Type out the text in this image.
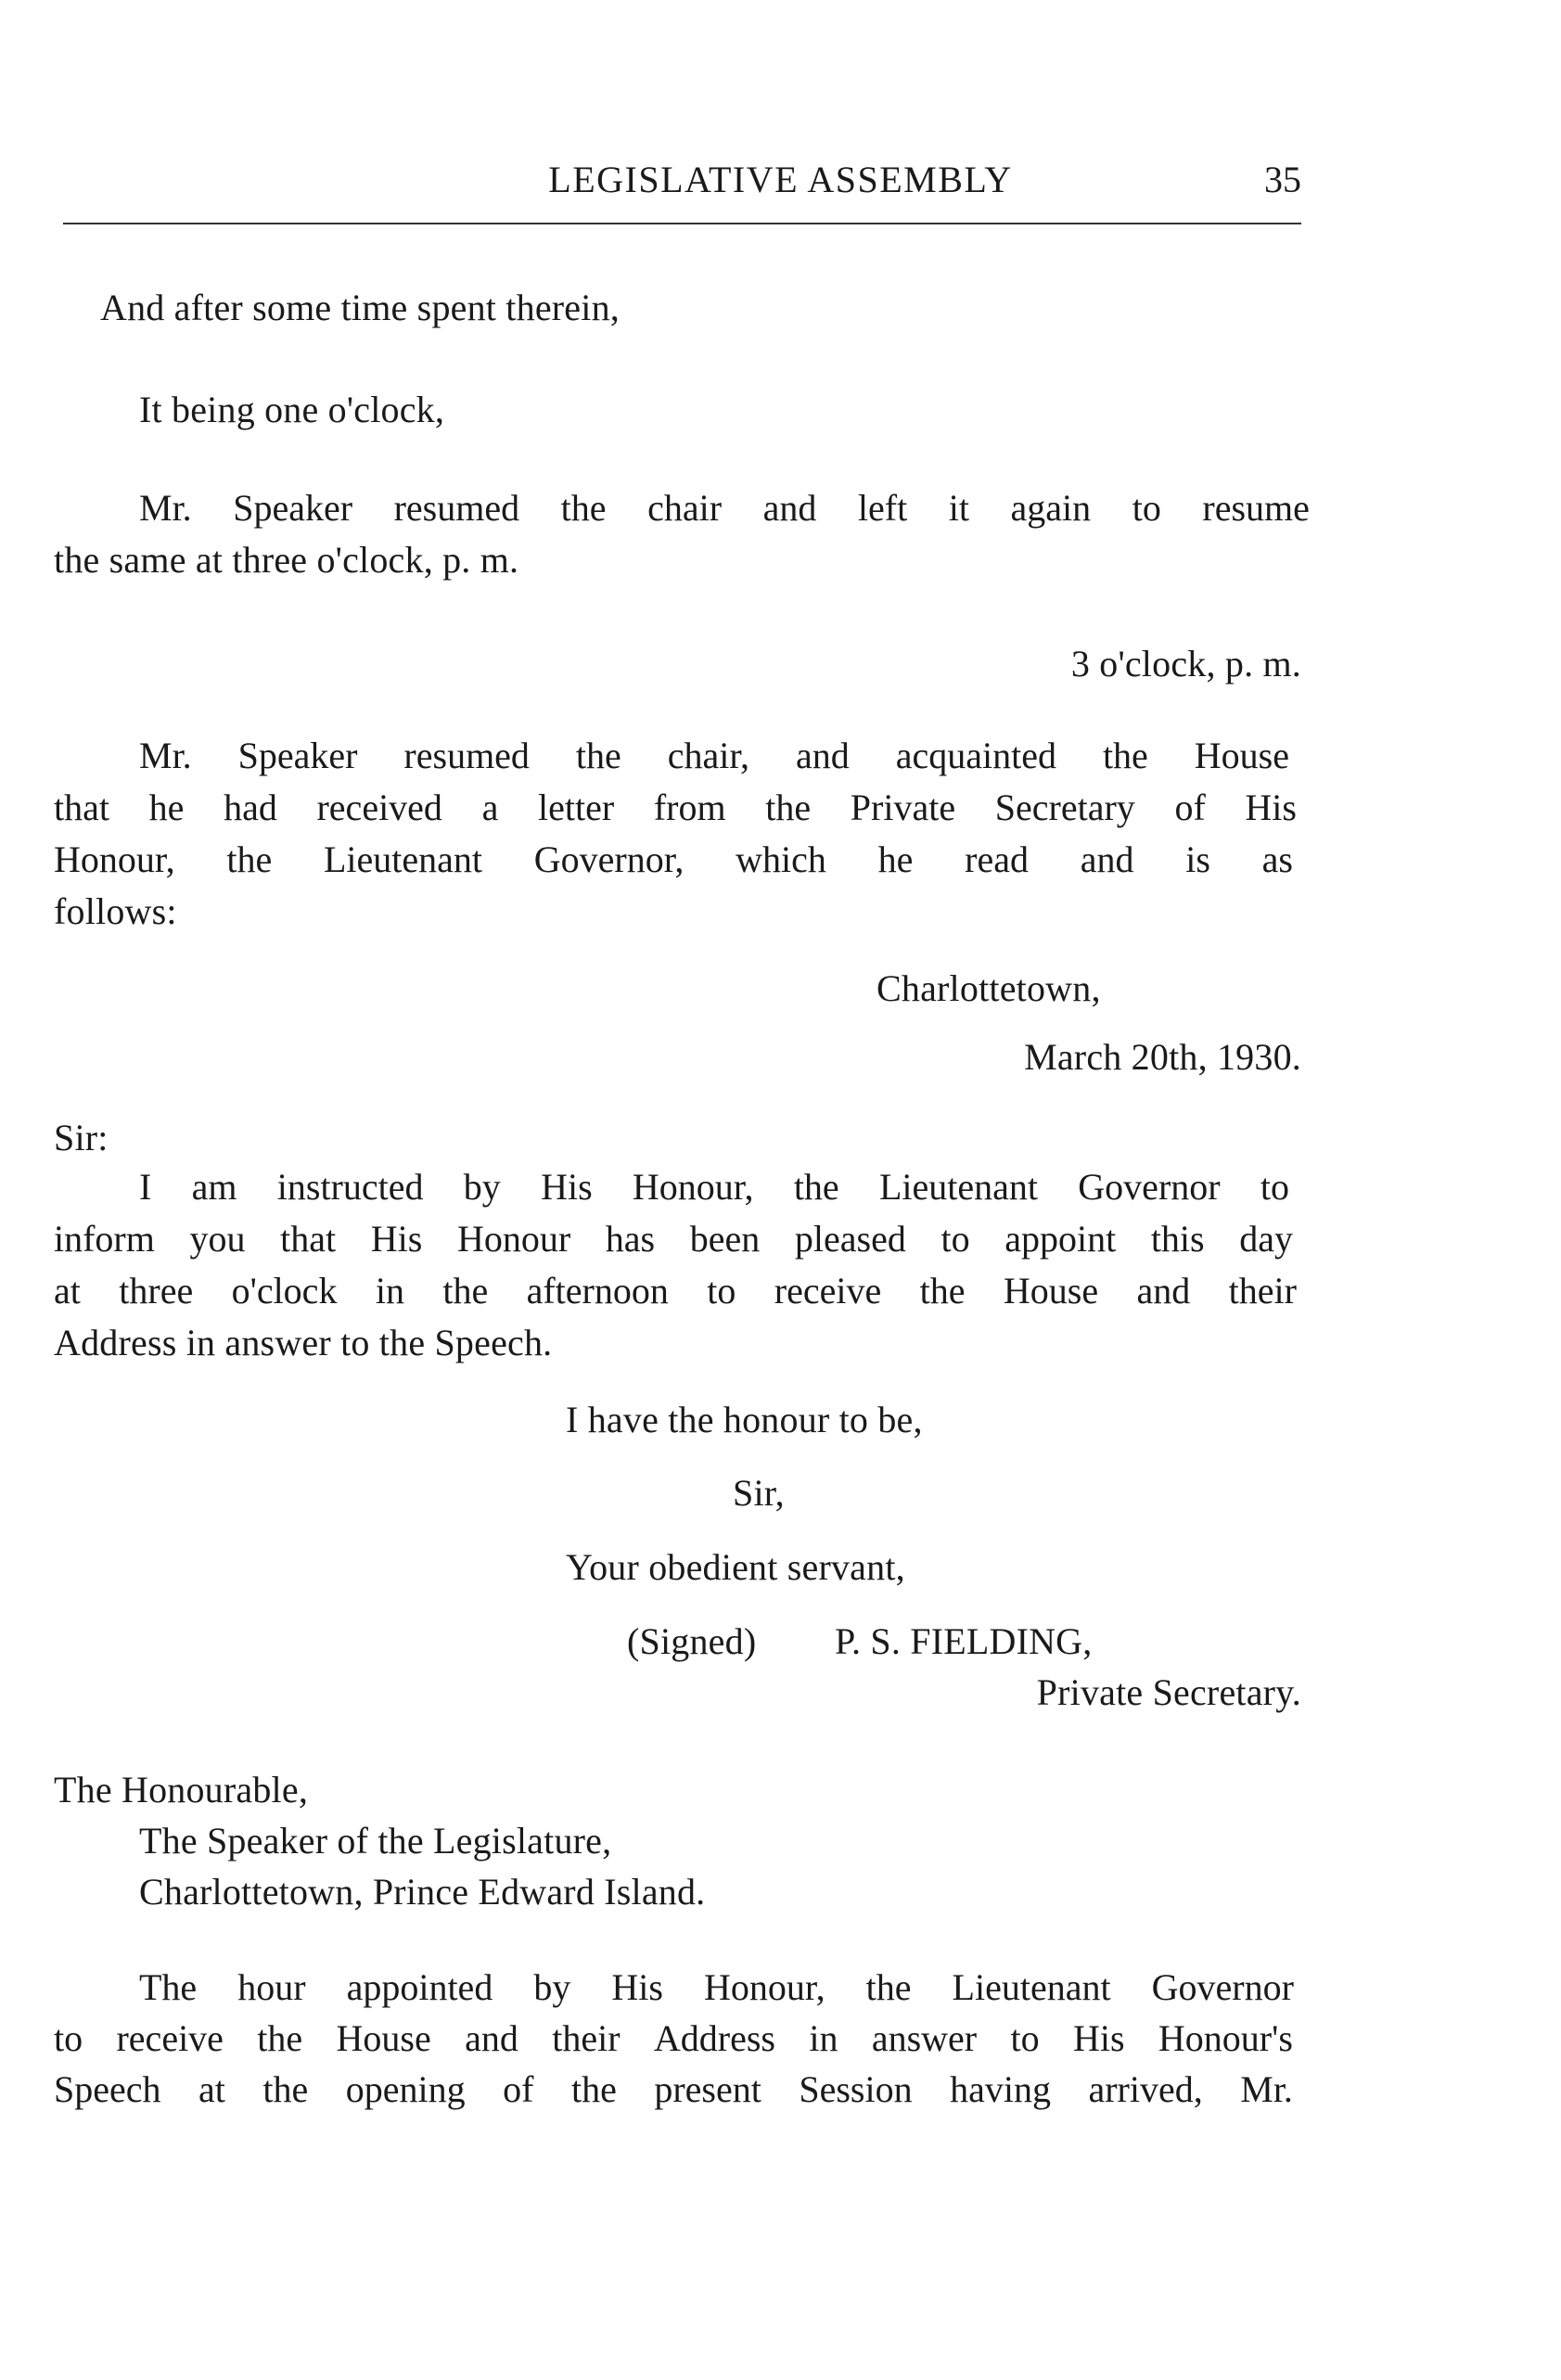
LEGISLATIVE ASSEMBLY	35
And after some time spent therein,
It being one o'clock,
Mr. Speaker resumed the chair and left it again to resume
the same at three o'clock, p. m.
3 o'clock, p. m.
Mr. Speaker resumed the chair, and acquainted the House
that he had received a letter from the Private Secretary of His
Honour, the Lieutenant Governor, which he read and is as
follows:
Charlottetown,
March 20th, 1930.
Sir:
I am instructed by His Honour, the Lieutenant Governor to
inform you that His Honour has been pleased to appoint this day
at three o'clock in the afternoon to receive the House and their
Address in answer to the Speech.
I have the honour to be,
Sir,
Your obedient servant,
(Signed) P. S. FIELDING,
Private Secretary.
The Honourable,
The Speaker of the Legislature,
Charlottetown, Prince Edward Island.
The hour appointed by His Honour, the Lieutenant Governor
to receive the House and their Address in answer to His Honour's
Speech at the opening of the present Session having arrived, Mr.
